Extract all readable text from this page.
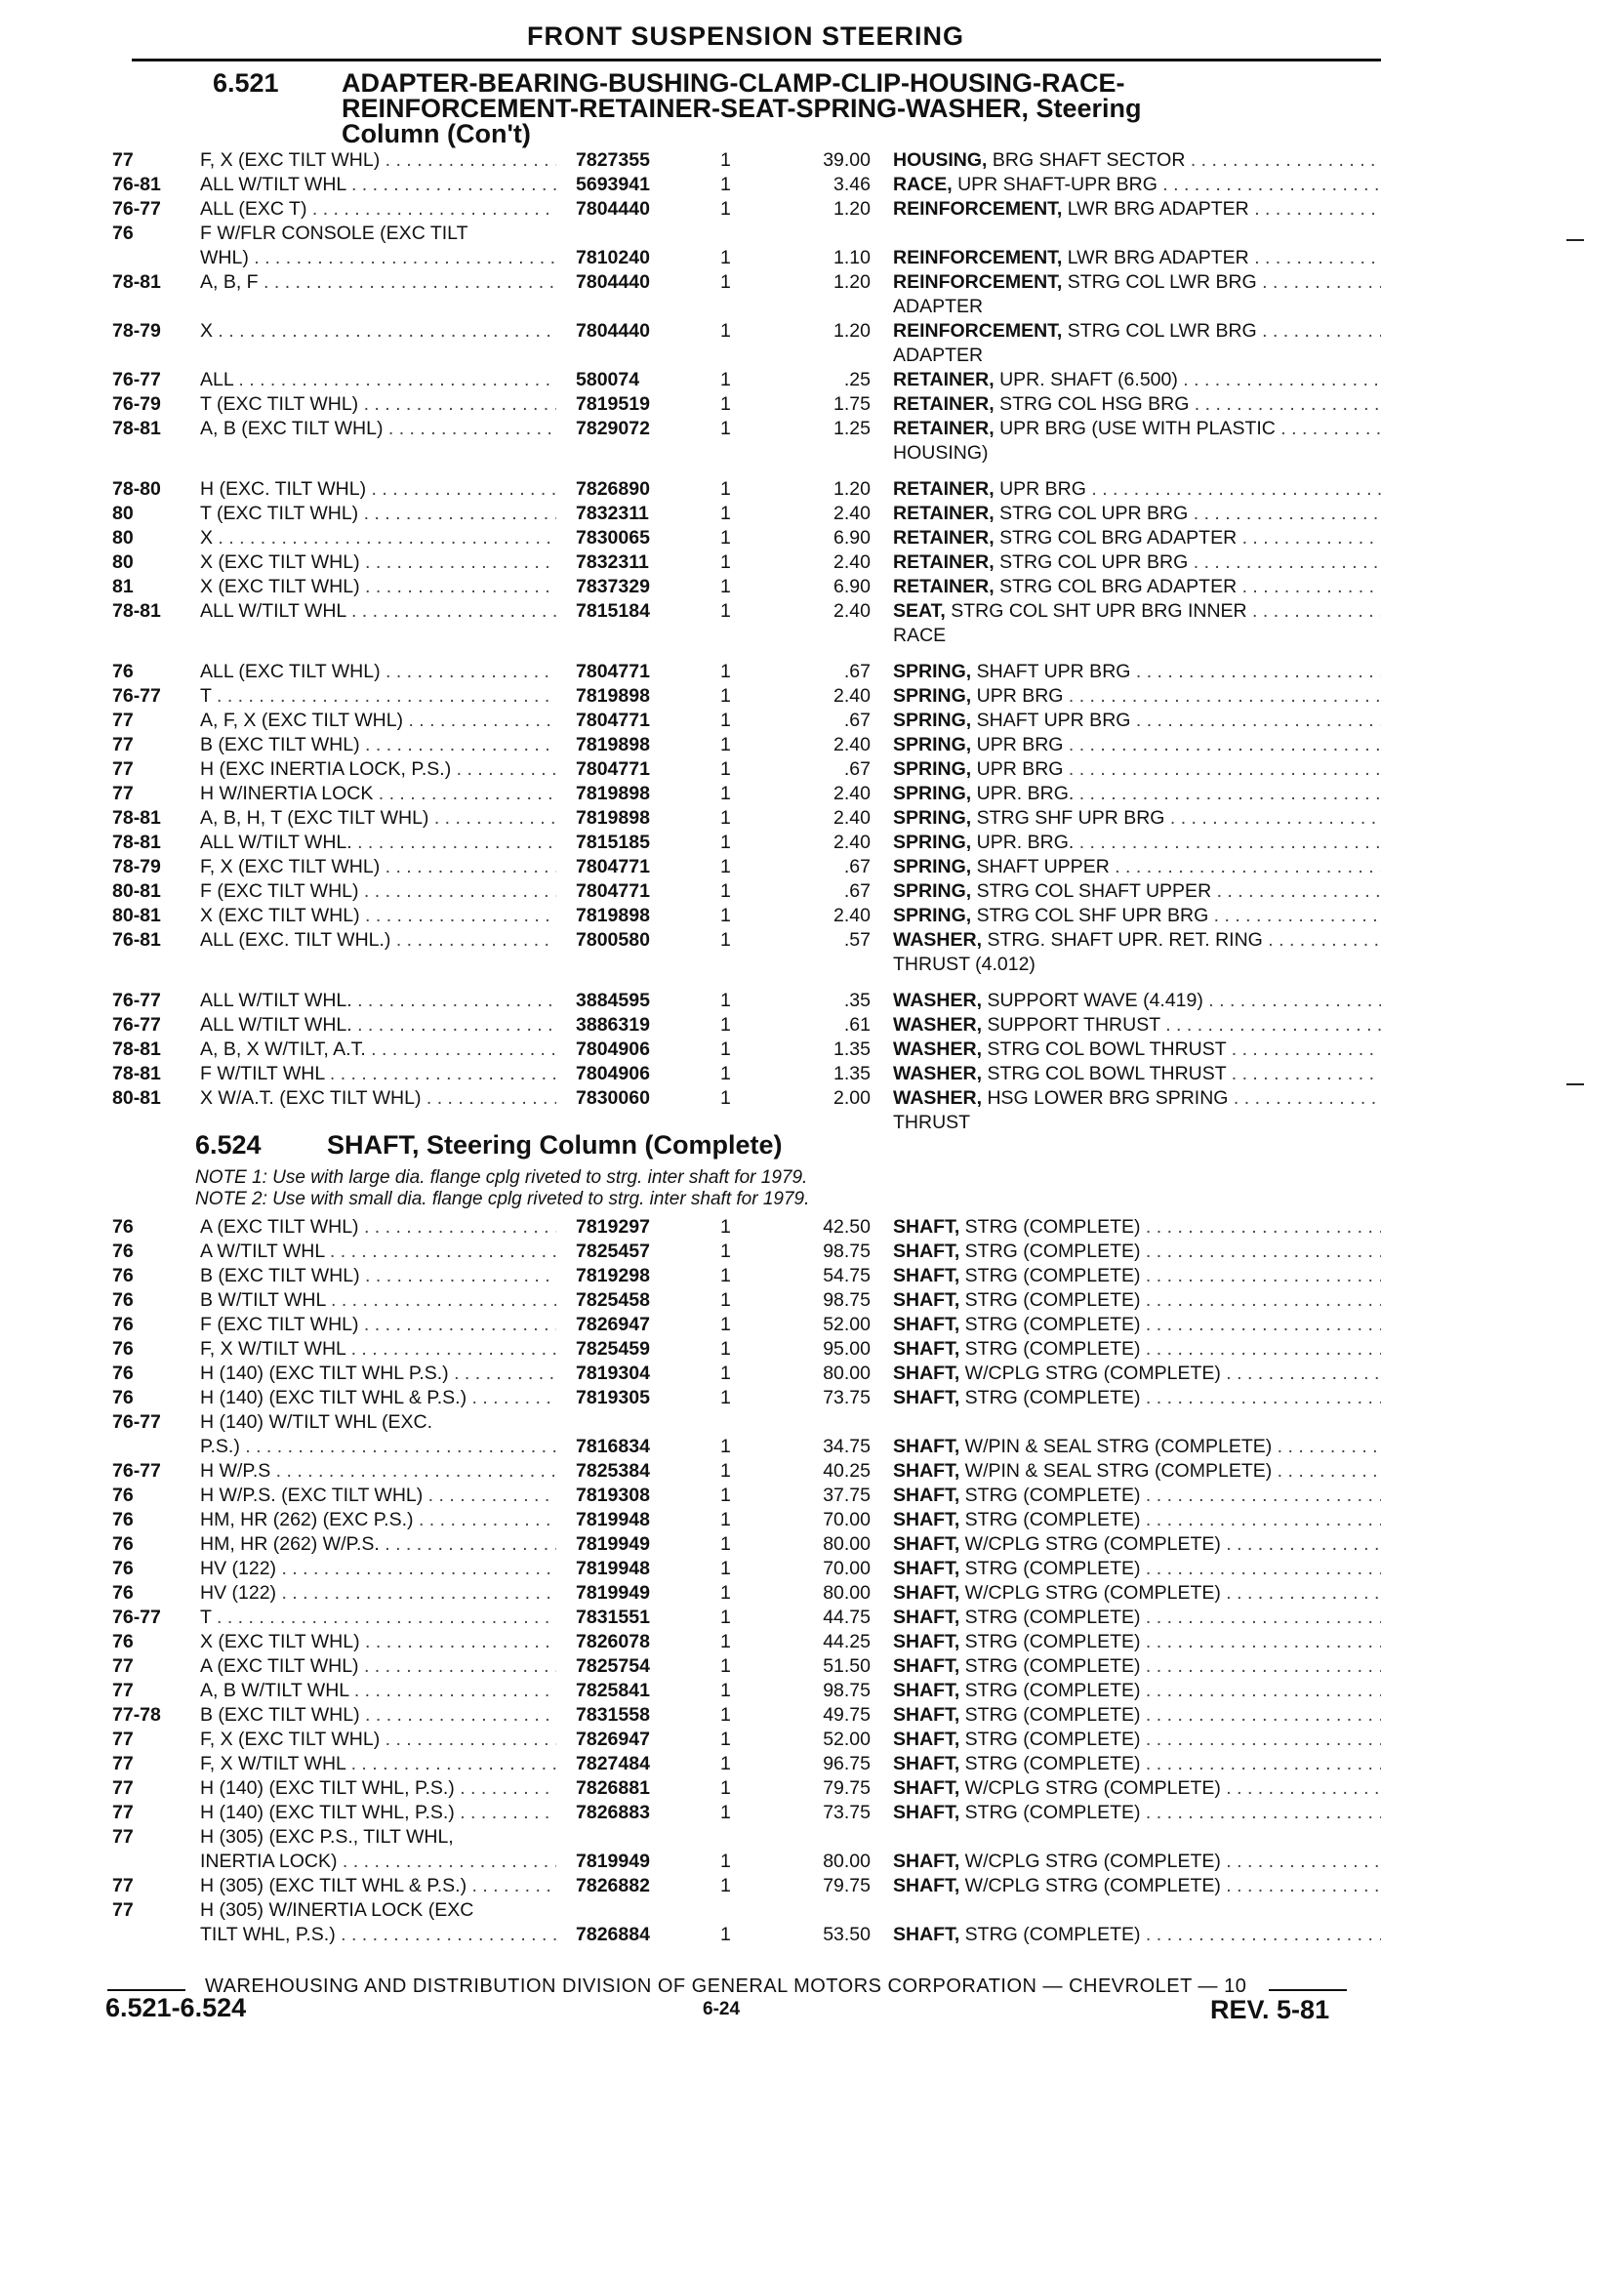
FRONT SUSPENSION STEERING
6.521 ADAPTER-BEARING-BUSHING-CLAMP-CLIP-HOUSING-RACE-
REINFORCEMENT-RETAINER-SEAT-SPRING-WASHER, Steering
Column (Con't)
77	F, X (EXC TILT WHL) . . .	7827355	1	39.00 HOUSING, BRG SHAFT SECTOR . . .
76-81	ALL W/TILT WHL . . .	5693941	1	3.46 RACE, UPR SHAFT-UPR BRG . . .
76-77	ALL (EXC T) . . .	7804440	1	1.20 REINFORCEMENT, LWR BRG ADAPTER . . .
76	F W/FLR CONSOLE (EXC TILT
WHL) . . .	7810240	1	1.10 REINFORCEMENT, LWR BRG ADAPTER . . .
78-81	A, B, F . . .	7804440	1	1.20 REINFORCEMENT, STRG COL LWR BRG . . .
ADAPTER
78-79	X . . .	7804440	1	1.20 REINFORCEMENT, STRG COL LWR BRG . . .
ADAPTER
76-77	ALL . . .	580074	1	.25 RETAINER, UPR. SHAFT (6.500) . . .
76-79	T (EXC TILT WHL) . . .	7819519	1	1.75 RETAINER, STRG COL HSG BRG . . .
78-81	A, B (EXC TILT WHL) . . .	7829072	1	1.25 RETAINER, UPR BRG (USE WITH PLASTIC . . .
HOUSING)
78-80	H (EXC. TILT WHL) . . .	7826890	1	1.20 RETAINER, UPR BRG . . .
80	T (EXC TILT WHL) . . .	7832311	1	2.40 RETAINER, STRG COL UPR BRG . . .
80	X . . .	7830065	1	6.90 RETAINER, STRG COL BRG ADAPTER . . .
80	X (EXC TILT WHL) . . .	7832311	1	2.40 RETAINER, STRG COL UPR BRG . . .
81	X (EXC TILT WHL) . . .	7837329	1	6.90 RETAINER, STRG COL BRG ADAPTER . . .
78-81	ALL W/TILT WHL . . .	7815184	1	2.40 SEAT, STRG COL SHT UPR BRG INNER . . .
RACE
76	ALL (EXC TILT WHL) . . .	7804771	1	.67 SPRING, SHAFT UPR BRG . . .
76-77	T . . .	7819898	1	2.40 SPRING, UPR BRG . . .
77	A, F, X (EXC TILT WHL) . . .	7804771	1	.67 SPRING, SHAFT UPR BRG . . .
77	B (EXC TILT WHL) . . .	7819898	1	2.40 SPRING, UPR BRG . . .
77	H (EXC INERTIA LOCK, P.S.) . . .	7804771	1	.67 SPRING, UPR BRG . . .
77	H W/INERTIA LOCK . . .	7819898	1	2.40 SPRING, UPR. BRG. . . .
78-81	A, B, H, T (EXC TILT WHL) . . .	7819898	1	2.40 SPRING, STRG SHF UPR BRG . . .
78-81	ALL W/TILT WHL. . . .	7815185	1	2.40 SPRING, UPR. BRG. . . .
78-79	F, X (EXC TILT WHL) . . .	7804771	1	.67 SPRING, SHAFT UPPER . . .
80-81	F (EXC TILT WHL) . . .	7804771	1	.67 SPRING, STRG COL SHAFT UPPER . . .
80-81	X (EXC TILT WHL) . . .	7819898	1	2.40 SPRING, STRG COL SHF UPR BRG . . .
76-81	ALL (EXC. TILT WHL.) . . .	7800580	1	.57 WASHER, STRG. SHAFT UPR. RET. RING . . .
THRUST (4.012)
76-77	ALL W/TILT WHL. . . .	3884595	1	.35 WASHER, SUPPORT WAVE (4.419) . . .
76-77	ALL W/TILT WHL. . . .	3886319	1	.61 WASHER, SUPPORT THRUST . . .
78-81	A, B, X W/TILT, A.T. . . .	7804906	1	1.35 WASHER, STRG COL BOWL THRUST . . .
78-81	F W/TILT WHL . . .	7804906	1	1.35 WASHER, STRG COL BOWL THRUST . . .
80-81	X W/A.T. (EXC TILT WHL) . . .	7830060	1	2.00 WASHER, HSG LOWER BRG SPRING . . .
THRUST
6.524 SHAFT, Steering Column (Complete)
NOTE 1: Use with large dia. flange cplg riveted to strg. inter shaft for 1979.
NOTE 2: Use with small dia. flange cplg riveted to strg. inter shaft for 1979.
76	A (EXC TILT WHL) . . .	7819297	1	42.50 SHAFT, STRG (COMPLETE) . . .
76	A W/TILT WHL . . .	7825457	1	98.75 SHAFT, STRG (COMPLETE) . . .
76	B (EXC TILT WHL) . . .	7819298	1	54.75 SHAFT, STRG (COMPLETE) . . .
76	B W/TILT WHL . . .	7825458	1	98.75 SHAFT, STRG (COMPLETE) . . .
76	F (EXC TILT WHL) . . .	7826947	1	52.00 SHAFT, STRG (COMPLETE) . . .
76	F, X W/TILT WHL . . .	7825459	1	95.00 SHAFT, STRG (COMPLETE) . . .
76	H (140) (EXC TILT WHL P.S.) . . .	7819304	1	80.00 SHAFT, W/CPLG STRG (COMPLETE) . . .
76	H (140) (EXC TILT WHL & P.S.) . . .	7819305	1	73.75 SHAFT, STRG (COMPLETE) . . .
76-77	H (140) W/TILT WHL (EXC.
P.S.) . . .	7816834	1	34.75 SHAFT, W/PIN & SEAL STRG (COMPLETE) . . .
76-77	H W/P.S . . .	7825384	1	40.25 SHAFT, W/PIN & SEAL STRG (COMPLETE) . . .
76	H W/P.S. (EXC TILT WHL) . . .	7819308	1	37.75 SHAFT, STRG (COMPLETE) . . .
76	HM, HR (262) (EXC P.S.) . . .	7819948	1	70.00 SHAFT, STRG (COMPLETE) . . .
76	HM, HR (262) W/P.S. . . .	7819949	1	80.00 SHAFT, W/CPLG STRG (COMPLETE) . . .
76	HV (122) . . .	7819948	1	70.00 SHAFT, STRG (COMPLETE) . . .
76	HV (122) . . .	7819949	1	80.00 SHAFT, W/CPLG STRG (COMPLETE) . . .
76-77	T . . .	7831551	1	44.75 SHAFT, STRG (COMPLETE) . . .
76	X (EXC TILT WHL) . . .	7826078	1	44.25 SHAFT, STRG (COMPLETE) . . .
77	A (EXC TILT WHL) . . .	7825754	1	51.50 SHAFT, STRG (COMPLETE) . . .
77	A, B W/TILT WHL . . .	7825841	1	98.75 SHAFT, STRG (COMPLETE) . . .
77-78	B (EXC TILT WHL) . . .	7831558	1	49.75 SHAFT, STRG (COMPLETE) . . .
77	F, X (EXC TILT WHL) . . .	7826947	1	52.00 SHAFT, STRG (COMPLETE) . . .
77	F, X W/TILT WHL . . .	7827484	1	96.75 SHAFT, STRG (COMPLETE) . . .
77	H (140) (EXC TILT WHL, P.S.) . . .	7826881	1	79.75 SHAFT, W/CPLG STRG (COMPLETE) . . .
77	H (140) (EXC TILT WHL, P.S.) . . .	7826883	1	73.75 SHAFT, STRG (COMPLETE) . . .
77	H (305) (EXC P.S., TILT WHL,
INERTIA LOCK) . . .	7819949	1	80.00 SHAFT, W/CPLG STRG (COMPLETE) . . .
77	H (305) (EXC TILT WHL & P.S.) . . .	7826882	1	79.75 SHAFT, W/CPLG STRG (COMPLETE) . . .
77	H (305) W/INERTIA LOCK (EXC
TILT WHL, P.S.) . . .	7826884	1	53.50 SHAFT, STRG (COMPLETE) . . .
WAREHOUSING AND DISTRIBUTION DIVISION OF GENERAL MOTORS CORPORATION — CHEVROLET — 10
6.521-6.524	6-24	REV. 5-81
